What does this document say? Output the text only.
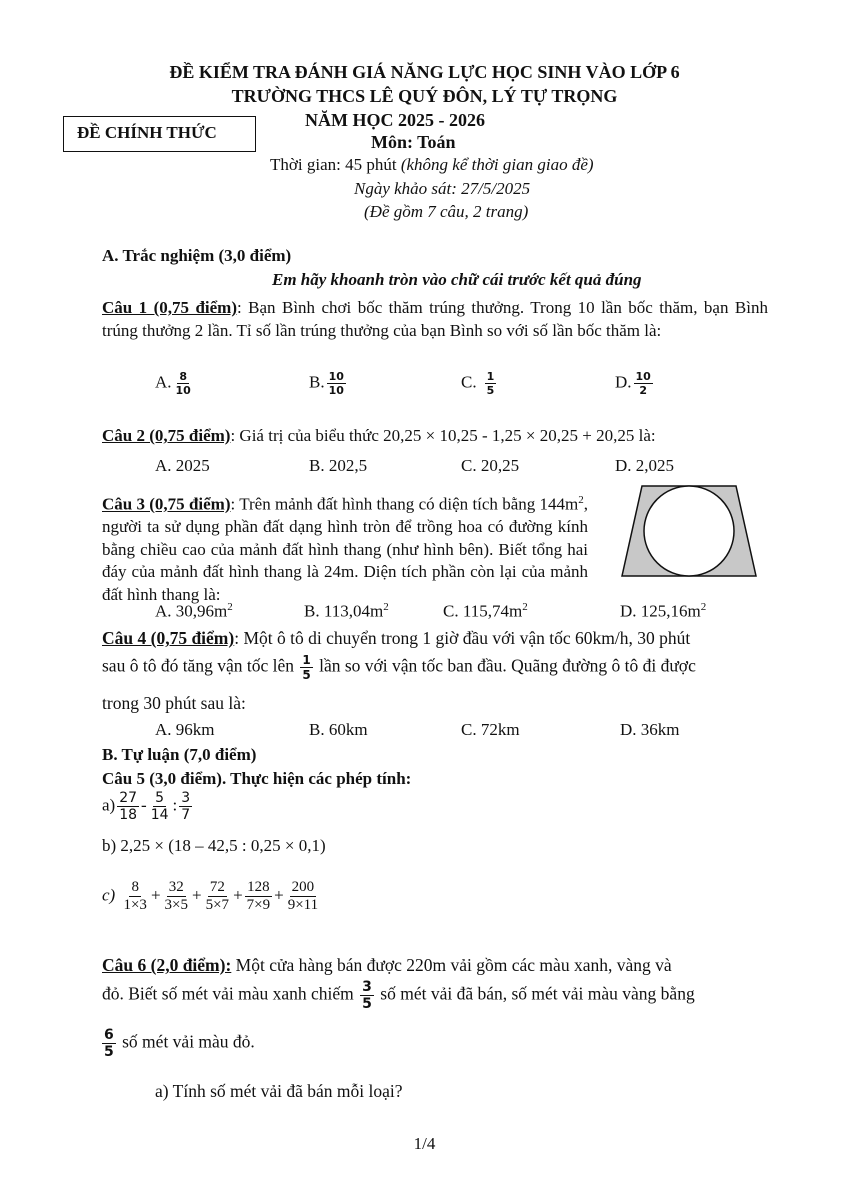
ĐỀ KIỂM TRA ĐÁNH GIÁ NĂNG LỰC HỌC SINH VÀO LỚP 6
TRƯỜNG THCS LÊ QUÝ ĐÔN, LÝ TỰ TRỌNG
NĂM HỌC 2025 - 2026
ĐỀ CHÍNH THỨC	Môn: Toán
Thời gian: 45 phút (không kể thời gian giao đề)
Ngày khảo sát: 27/5/2025
(Đề gồm 7 câu, 2 trang)
A. Trắc nghiệm (3,0 điểm)
Em hãy khoanh tròn vào chữ cái trước kết quả đúng
Câu 1 (0,75 điểm): Bạn Bình chơi bốc thăm trúng thưởng. Trong 10 lần bốc thăm, bạn Bình trúng thưởng 2 lần. Tỉ số lần trúng thưởng của bạn Bình so với số lần bốc thăm là:
A. $\frac{8}{10}$	B. $\frac{10}{10}$	C. $\frac{1}{5}$	D. $\frac{10}{2}$
Câu 2 (0,75 điểm): Giá trị của biểu thức 20,25 × 10,25 - 1,25 × 20,25 + 20,25 là:
A. 2025	B. 202,5	C. 20,25	D. 2,025
Câu 3 (0,75 điểm): Trên mảnh đất hình thang có diện tích bằng $144m^2$, người ta sử dụng phần đất dạng hình tròn để trồng hoa có đường kính bằng chiều cao của mảnh đất hình thang (như hình bên). Biết tổng hai đáy của mảnh đất hình thang là 24m. Diện tích phần còn lại của mảnh đất hình thang là:
A. $30,96m^2$	B. $113,04m^2$	C. $115,74m^2$	D. $125,16m^2$
Câu 4 (0,75 điểm): Một ô tô di chuyển trong 1 giờ đầu với vận tốc 60km/h, 30 phút
sau ô tô đó tăng vận tốc lên $\frac{1}{5}$ lần so với vận tốc ban đầu. Quãng đường ô tô đi được
trong 30 phút sau là:
A. 96km	B. 60km	C. 72km	D. 36km
B. Tự luận (7,0 điểm)
Câu 5 (3,0 điểm). Thực hiện các phép tính:
$a) \frac{27}{18} - \frac{5}{14}$ : $\frac{3}{7}$
b) 2,25 × (18 – 42,5 : 0,25 × 0,1)
$c) \frac{8}{1\times 3} + \frac{32}{3\times 5} + \frac{72}{5\times 7} + \frac{128}{7\times 9} + \frac{200}{9\times 11}$
Câu 6 (2,0 điểm): Một cửa hàng bán được 220m vải gồm các màu xanh, vàng và
đỏ. Biết số mét vải màu xanh chiếm $\frac{3}{5}$ số mét vải đã bán, số mét vải màu vàng bằng
$\frac{6}{5}$ số mét vải màu đỏ.
a) Tính số mét vải đã bán mỗi loại?
1/4
